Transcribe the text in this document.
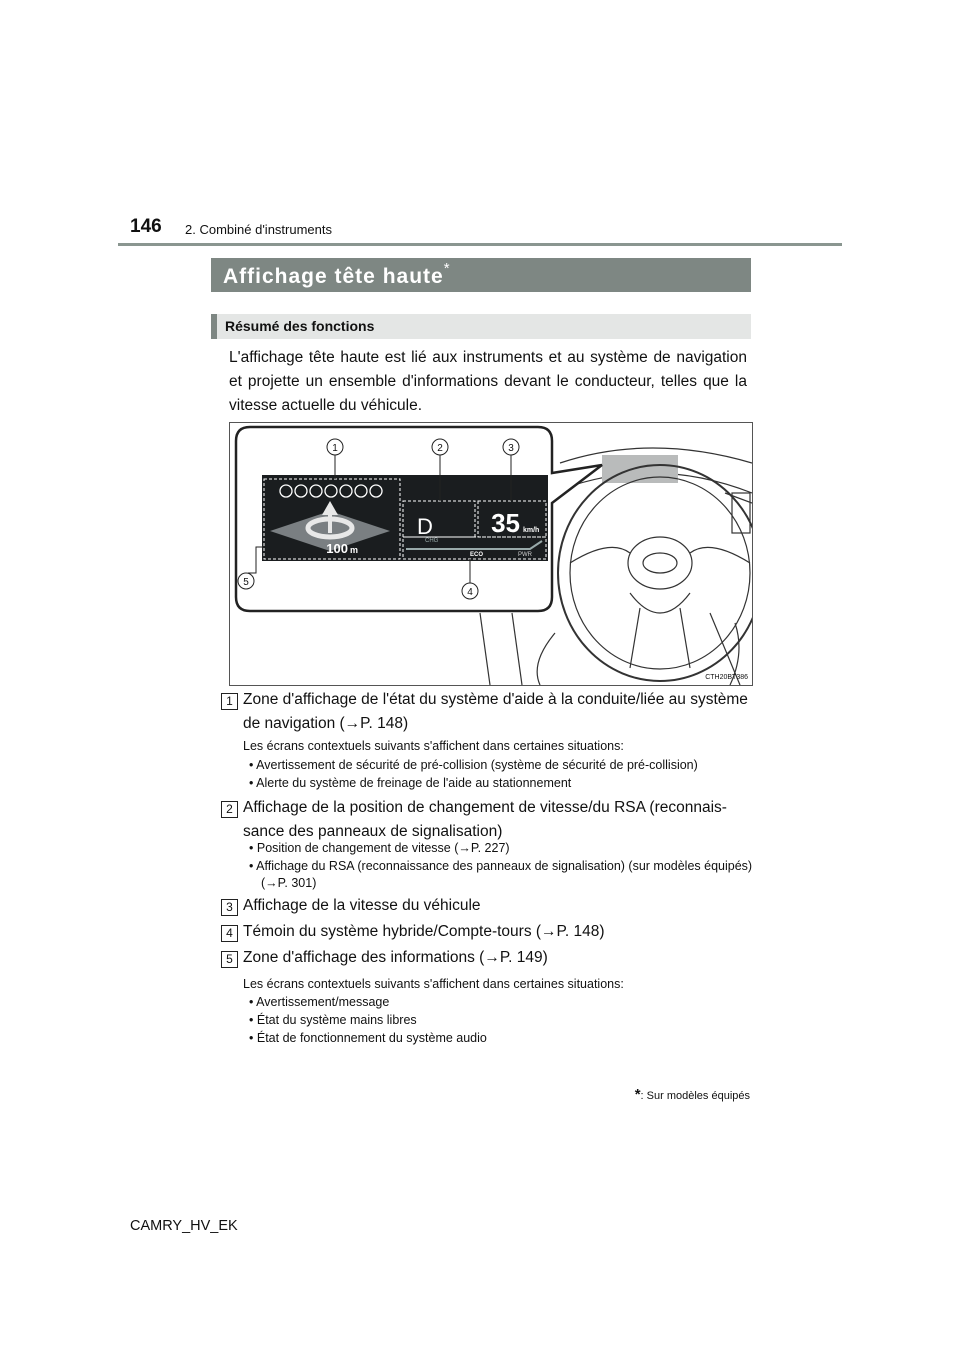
146 2. Combiné d'instruments
Affichage tête haute*
Résumé des fonctions
L'affichage tête haute est lié aux instruments et au système de navigation et projette un ensemble d'informations devant le conducteur, telles que la vitesse actuelle du véhicule.
100 m
D 35 km/h
CHG
ECO	PWR
1	2	3
4
5
CTH20BT386
1 Zone d'affichage de l'état du système d'aide à la conduite/liée au système de navigation (→P. 148)
Les écrans contextuels suivants s'affichent dans certaines situations:
• Avertissement de sécurité de pré-collision (système de sécurité de pré-collision)
• Alerte du système de freinage de l'aide au stationnement
2 Affichage de la position de changement de vitesse/du RSA (reconnais-sance des panneaux de signalisation)
• Position de changement de vitesse (→P. 227)
• Affichage du RSA (reconnaissance des panneaux de signalisation) (sur modèles équipés) (→P. 301)
3 Affichage de la vitesse du véhicule
4 Témoin du système hybride/Compte-tours (→P. 148)
5 Zone d'affichage des informations (→P. 149)
Les écrans contextuels suivants s'affichent dans certaines situations:
• Avertissement/message
• État du système mains libres
• État de fonctionnement du système audio
*: Sur modèles équipés
CAMRY_HV_EK
